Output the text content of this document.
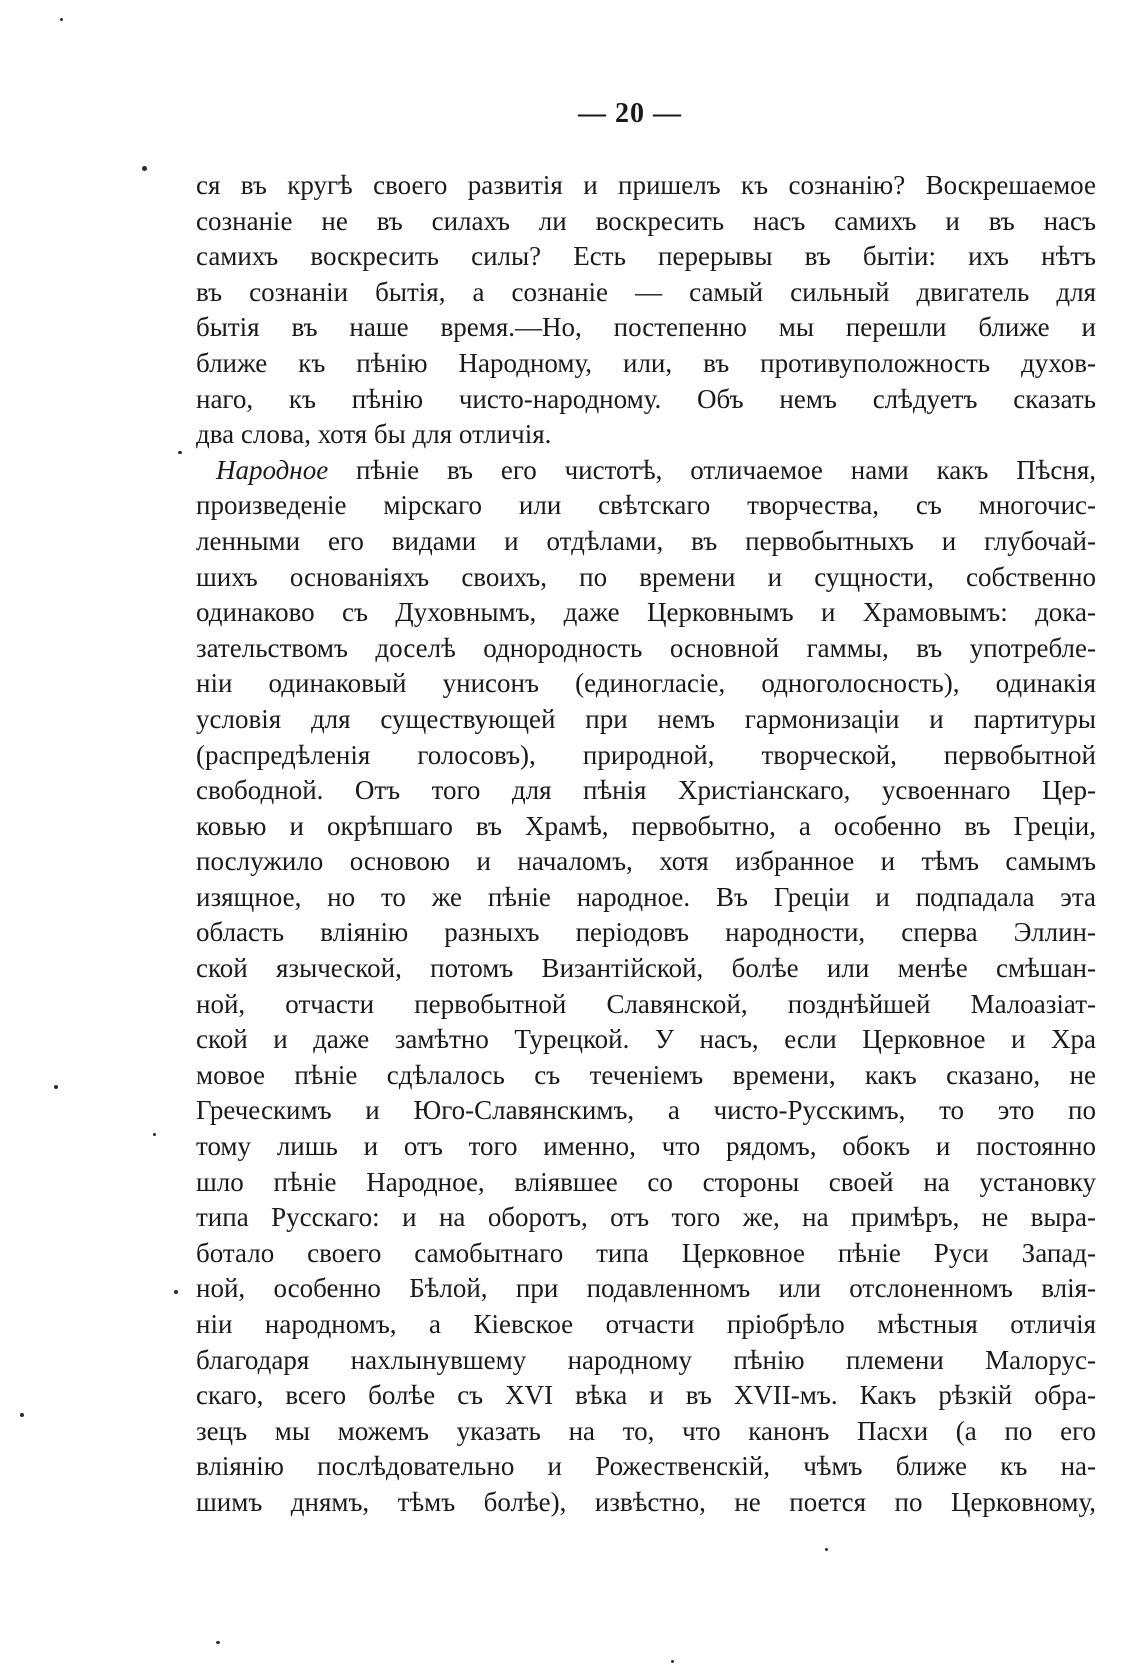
— 20 —
ся въ кругѣ своего развитія и пришелъ къ сознанію? Воскрешаемое
сознаніе не въ силахъ ли воскресить насъ самихъ и въ насъ
самихъ воскресить силы? Есть перерывы въ бытіи: ихъ нѣтъ
въ сознаніи бытія, а сознаніе — самый сильный двигатель для
бытія въ наше время.—Но, постепенно мы перешли ближе и
ближе къ пѣнію Народному, или, въ противуположность духов-
наго, къ пѣнію чисто-народному. Объ немъ слѣдуетъ сказать
два слова, хотя бы для отличія.
Народное пѣніе въ его чистотѣ, отличаемое нами какъ Пѣсня,
произведеніе мірскаго или свѣтскаго творчества, съ многочис-
ленными его видами и отдѣлами, въ первобытныхъ и глубочай-
шихъ основаніяхъ своихъ, по времени и сущности, собственно
одинаково съ Духовнымъ, даже Церковнымъ и Храмовымъ: дока-
зательствомъ доселѣ однородность основной гаммы, въ употребле-
ніи одинаковый унисонъ (единогласіе, одноголосность), одинакія
условія для существующей при немъ гармонизаціи и партитуры
(распредѣленія голосовъ), природной, творческой, первобытной
свободной. Отъ того для пѣнія Христіанскаго, усвоеннаго Цер-
ковью и окрѣпшаго въ Храмѣ, первобытно, а особенно въ Греціи,
послужило основою и началомъ, хотя избранное и тѣмъ самымъ
изящное, но то же пѣніе народное. Въ Греціи и подпадала эта
область вліянію разныхъ періодовъ народности, сперва Эллин-
ской языческой, потомъ Византійской, болѣе или менѣе смѣшан-
ной, отчасти первобытной Славянской, позднѣйшей Малоазіат-
ской и даже замѣтно Турецкой. У насъ, если Церковное и Хра
мовое пѣніе сдѣлалось съ теченіемъ времени, какъ сказано, не
Греческимъ и Юго-Славянскимъ, а чисто-Русскимъ, то это по
тому лишь и отъ того именно, что рядомъ, обокъ и постоянно
шло пѣніе Народное, вліявшее со стороны своей на установку
типа Русскаго: и на оборотъ, отъ того же, на примѣръ, не выра-
ботало своего самобытнаго типа Церковное пѣніе Руси Запад-
ной, особенно Бѣлой, при подавленномъ или отслоненномъ влія-
ніи народномъ, а Кіевское отчасти пріобрѣло мѣстныя отличія
благодаря нахлынувшему народному пѣнію племени Малорус-
скаго, всего болѣе съ XVI вѣка и въ XVII-мъ. Какъ рѣзкій обра-
зецъ мы можемъ указать на то, что канонъ Пасхи (а по его
вліянію послѣдовательно и Рожественскій, чѣмъ ближе къ на-
шимъ днямъ, тѣмъ болѣе), извѣстно, не поется по Церковному,
